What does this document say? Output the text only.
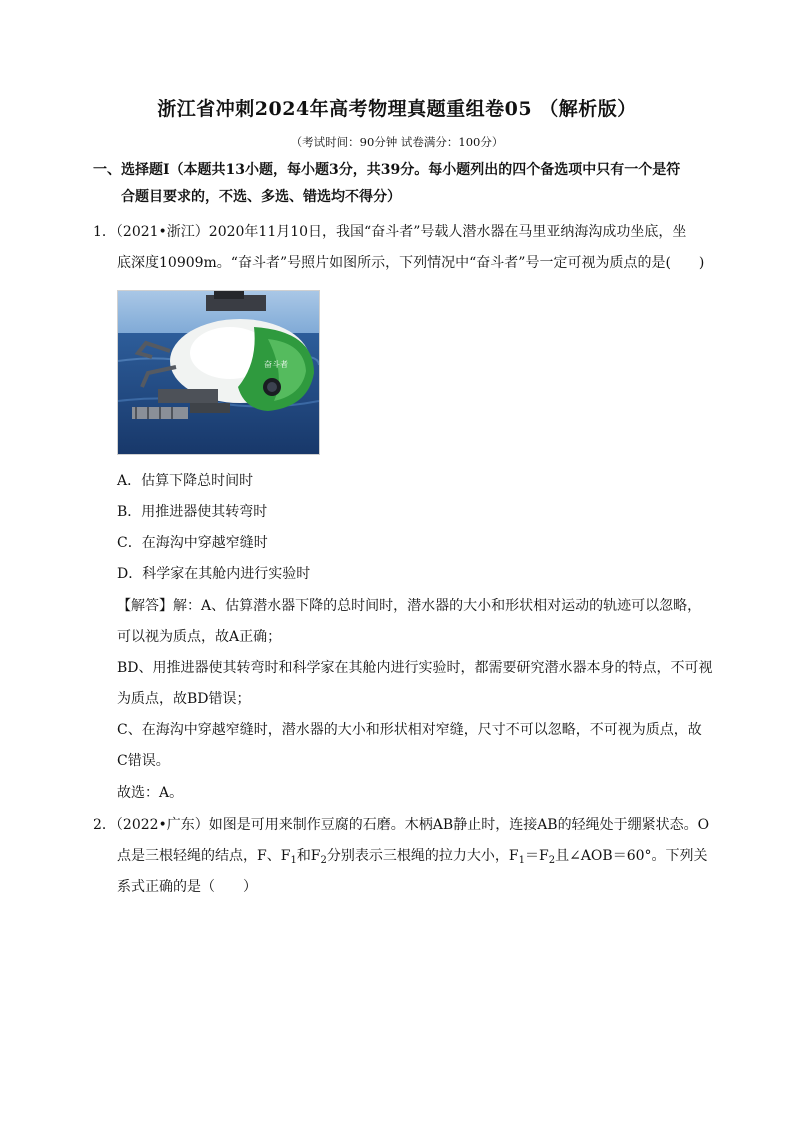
浙江省冲刺2024年高考物理真题重组卷05 （解析版）
（考试时间：90分钟 试卷满分：100分）
一、选择题Ⅰ（本题共13小题，每小题3分，共39分。每小题列出的四个备选项中只有一个是符
合题目要求的，不选、多选、错选均不得分）
1．（2021•浙江）2020年11月10日，我国“奋斗者”号载人潜水器在马里亚纳海沟成功坐底，坐
底深度10909m。“奋斗者”号照片如图所示，下列情况中“奋斗者”号一定可视为质点的是(　　)
奋斗者
A．估算下降总时间时
B．用推进器使其转弯时
C．在海沟中穿越窄缝时
D．科学家在其舱内进行实验时
【解答】解：A、估算潜水器下降的总时间时，潜水器的大小和形状相对运动的轨迹可以忽略，
可以视为质点，故A正确；
BD、用推进器使其转弯时和科学家在其舱内进行实验时，都需要研究潜水器本身的特点，不可视
为质点，故BD错误；
C、在海沟中穿越窄缝时，潜水器的大小和形状相对窄缝，尺寸不可以忽略，不可视为质点，故
C错误。
故选：A。
2．（2022•广东）如图是可用来制作豆腐的石磨。木柄AB静止时，连接AB的轻绳处于绷紧状态。O
点是三根轻绳的结点，F、$F_1$和$F_2$分别表示三根绳的拉力大小，$F_1=F_2$且∠AOB＝60°。下列关
系式正确的是（　　）
